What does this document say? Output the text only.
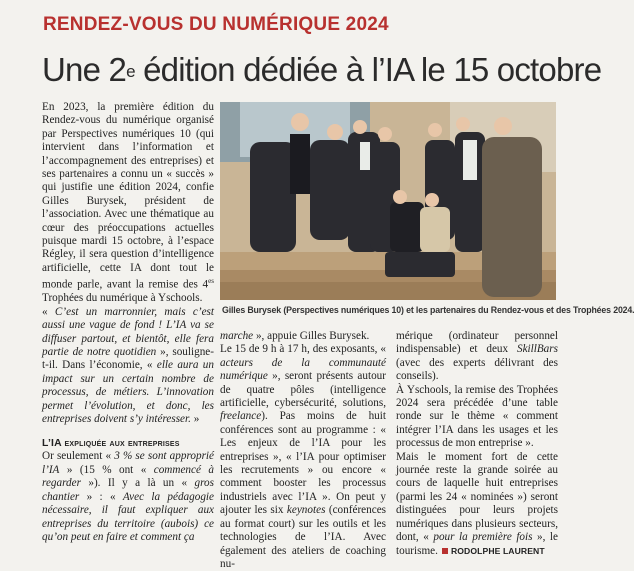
RENDEZ-VOUS DU NUMÉRIQUE 2024
Une 2e édition dédiée à l’IA le 15 octobre

En 2023, la première édition du Rendez-vous du numérique organisé par Perspectives numériques 10 (qui intervient dans l’information et l’accompagnement des entreprises) et ses partenaires a connu un « succès » qui justifie une édition 2024, confie Gilles Burysek, président de l’association. Avec une thématique au cœur des préoccupations actuelles puisque mardi 15 octobre, à l’espace Régley, il sera question d’intelligence artificielle, cette IA dont tout le monde parle, avant la remise des $4^{es}$ Trophées du numérique à Yschools.

« C’est un marronnier, mais c’est aussi une vague de fond ! L’IA va se diffuser partout, et bientôt, elle fera partie de notre quotidien », souligne-t-il. Dans l’économie, « elle aura un impact sur un certain nombre de processus, de métiers. L’innovation permet l’évolution, et donc, les entreprises doivent s’y intéresser. »

L’IA expliquée aux entreprises

Or seulement « 3 % se sont approprié l’IA » (15 % ont « commencé à regarder »). Il y a là un « gros chantier » : « Avec la pédagogie nécessaire, il faut expliquer aux entreprises du territoire (aubois) ce qu’on peut en faire et comment ça

Gilles Burysek (Perspectives numériques 10) et les partenaires du Rendez-vous et des Trophées 2024.

marche », appuie Gilles Burysek.

Le 15 de 9 h à 17 h, des exposants, « acteurs de la communauté numérique », seront présents autour de quatre pôles (intelligence artificielle, cybersécurité, solutions, freelance). Pas moins de huit conférences sont au programme : « Les enjeux de l’IA pour les entreprises », « l’IA pour optimiser les recrutements » ou encore « comment booster les processus industriels avec l’IA ». On peut y ajouter les six keynotes (conférences au format court) sur les outils et les technologies de l’IA. Avec également des ateliers de coaching nu-

mérique (ordinateur personnel indispensable) et deux SkillBars (avec des experts délivrant des conseils).

À Yschools, la remise des Trophées 2024 sera précédée d’une table ronde sur le thème « comment intégrer l’IA dans les usages et les processus de mon entreprise ».

Mais le moment fort de cette journée reste la grande soirée au cours de laquelle huit entreprises (parmi les 24 « nominées ») seront distinguées pour leurs projets numériques dans plusieurs secteurs, dont, « pour la première fois », le tourisme. RODOLPHE LAURENT
